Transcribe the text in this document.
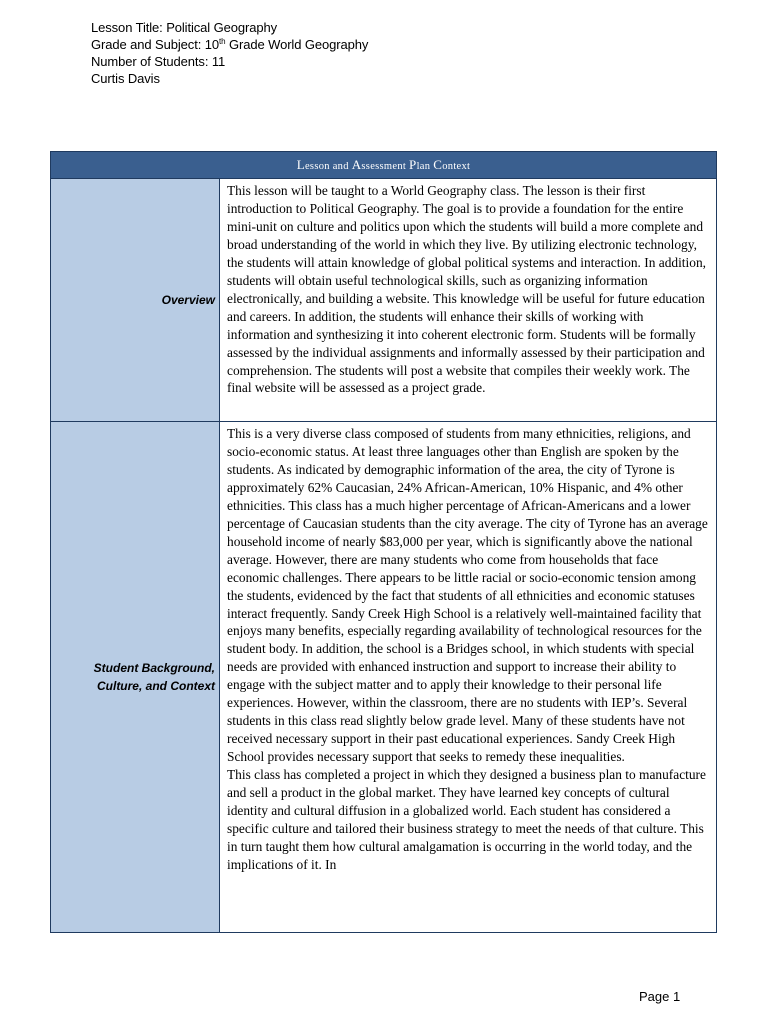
Lesson Title: Political Geography
Grade and Subject: 10th Grade World Geography
Number of Students: 11
Curtis Davis
Lesson and Assessment Plan Context
Overview

This lesson will be taught to a World Geography class. The lesson is their first introduction to Political Geography. The goal is to provide a foundation for the entire mini-unit on culture and politics upon which the students will build a more complete and broad understanding of the world in which they live. By utilizing electronic technology, the students will attain knowledge of global political systems and interaction. In addition, students will obtain useful technological skills, such as organizing information electronically, and building a website. This knowledge will be useful for future education and careers. In addition, the students will enhance their skills of working with information and synthesizing it into coherent electronic form. Students will be formally assessed by the individual assignments and informally assessed by their participation and comprehension. The students will post a website that compiles their weekly work. The final website will be assessed as a project grade.

Student Background, Culture, and Context

This is a very diverse class composed of students from many ethnicities, religions, and socio-economic status. At least three languages other than English are spoken by the students. As indicated by demographic information of the area, the city of Tyrone is approximately 62% Caucasian, 24% African-American, 10% Hispanic, and 4% other ethnicities. This class has a much higher percentage of African-Americans and a lower percentage of Caucasian students than the city average. The city of Tyrone has an average household income of nearly $83,000 per year, which is significantly above the national average. However, there are many students who come from households that face economic challenges. There appears to be little racial or socio-economic tension among the students, evidenced by the fact that students of all ethnicities and economic statuses interact frequently. Sandy Creek High School is a relatively well-maintained facility that enjoys many benefits, especially regarding availability of technological resources for the student body. In addition, the school is a Bridges school, in which students with special needs are provided with enhanced instruction and support to increase their ability to engage with the subject matter and to apply their knowledge to their personal life experiences. However, within the classroom, there are no students with IEP’s. Several students in this class read slightly below grade level. Many of these students have not received necessary support in their past educational experiences. Sandy Creek High School provides necessary support that seeks to remedy these inequalities.

This class has completed a project in which they designed a business plan to manufacture and sell a product in the global market. They have learned key concepts of cultural identity and cultural diffusion in a globalized world. Each student has considered a specific culture and tailored their business strategy to meet the needs of that culture. This in turn taught them how cultural amalgamation is occurring in the world today, and the implications of it. In

Page 1
